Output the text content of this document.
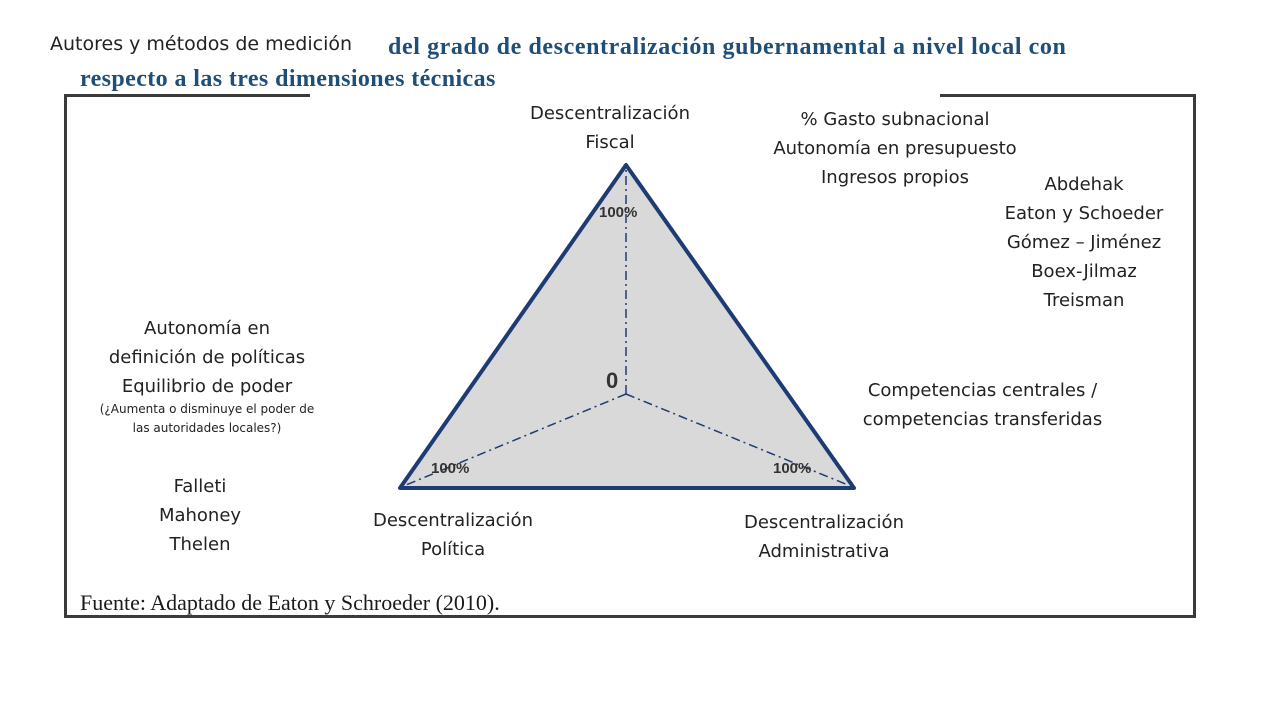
Autores y métodos de medición del grado de descentralización gubernamental a nivel local con
respecto a las tres dimensiones técnicas
100%
100%	100%
0
Descentralización
Fiscal
Descentralización
Política
Descentralización
Administrativa
% Gasto subnacional
Autonomía en presupuesto
Ingresos propios	Abdehak
Eaton y Schoeder
Gómez – Jiménez
Boex-Jilmaz
Treisman
Autonomía en
definición de políticas
Equilibrio de poder
(¿Aumenta o disminuye el poder de
las autoridades locales?)
Falleti
Mahoney
Thelen
Competencias centrales /
competencias transferidas
Fuente: Adaptado de Eaton y Schroeder (2010).
